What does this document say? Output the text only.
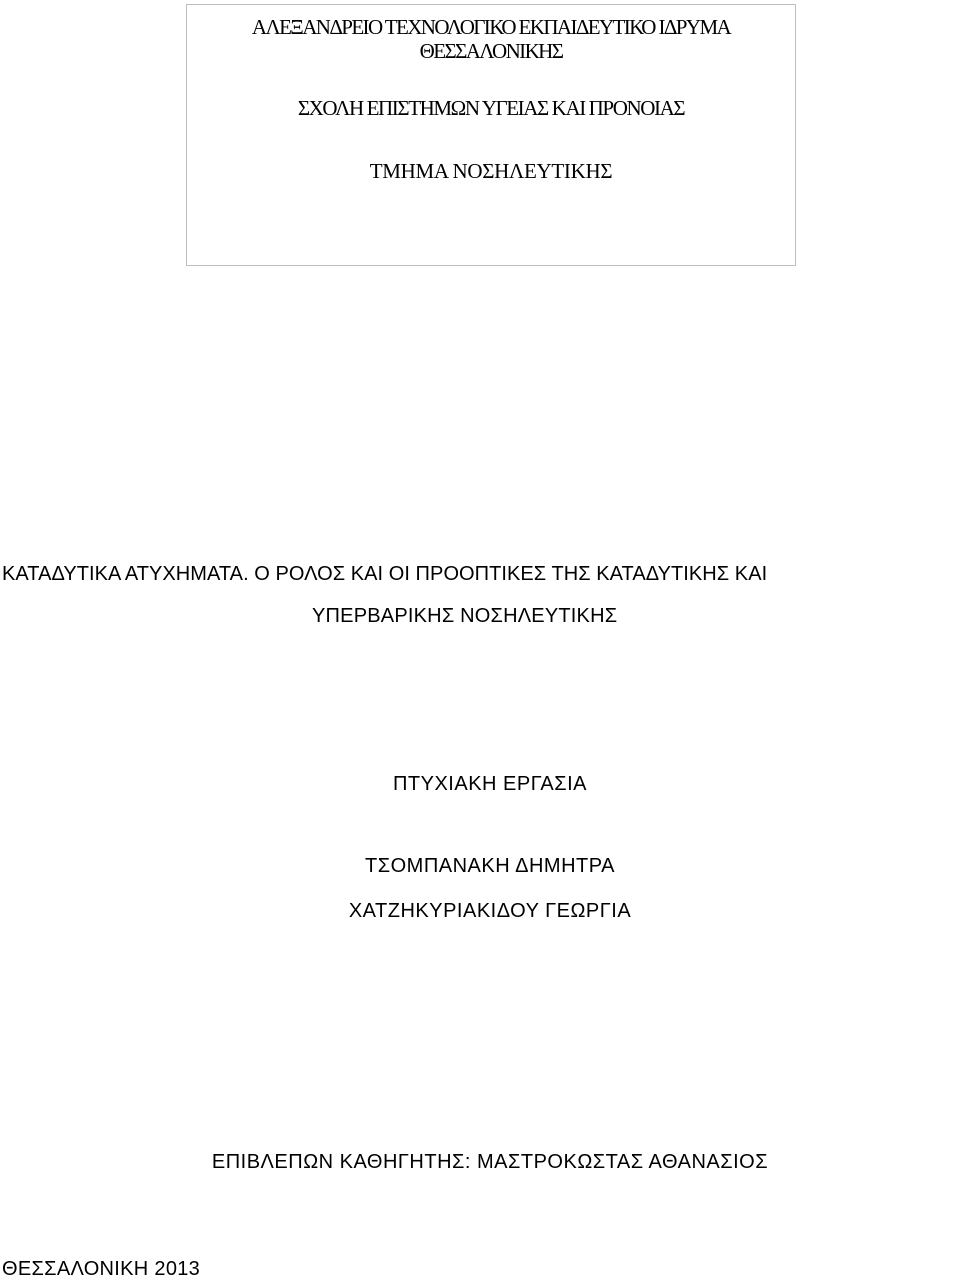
ΑΛΕΞΑΝΔΡΕΙΟ ΤΕΧΝΟΛΟΓΙΚΟ ΕΚΠΑΙΔΕΥΤΙΚΟ ΙΔΡΥΜΑ
ΘΕΣΣΑΛΟΝΙΚΗΣ
ΣΧΟΛΗ ΕΠΙΣΤΗΜΩΝ ΥΓΕΙΑΣ ΚΑΙ ΠΡΟΝΟΙΑΣ
ΤΜΗΜΑ ΝΟΣΗΛΕΥΤΙΚΗΣ
ΚΑΤΑΔΥΤΙΚΑ ΑΤΥΧΗΜΑΤΑ. Ο ΡΟΛΟΣ ΚΑΙ ΟΙ ΠΡΟΟΠΤΙΚΕΣ ΤΗΣ ΚΑΤΑΔΥΤΙΚΗΣ ΚΑΙ
ΥΠΕΡΒΑΡΙΚΗΣ ΝΟΣΗΛΕΥΤΙΚΗΣ
ΠΤΥΧΙΑΚΗ ΕΡΓΑΣΙΑ
ΤΣΟΜΠΑΝΑΚΗ ΔΗΜΗΤΡΑ
ΧΑΤΖΗΚΥΡΙΑΚΙΔΟΥ ΓΕΩΡΓΙΑ
ΕΠΙΒΛΕΠΩΝ ΚΑΘΗΓΗΤΗΣ: ΜΑΣΤΡΟΚΩΣΤΑΣ ΑΘΑΝΑΣΙΟΣ
ΘΕΣΣΑΛΟΝΙΚΗ 2013
